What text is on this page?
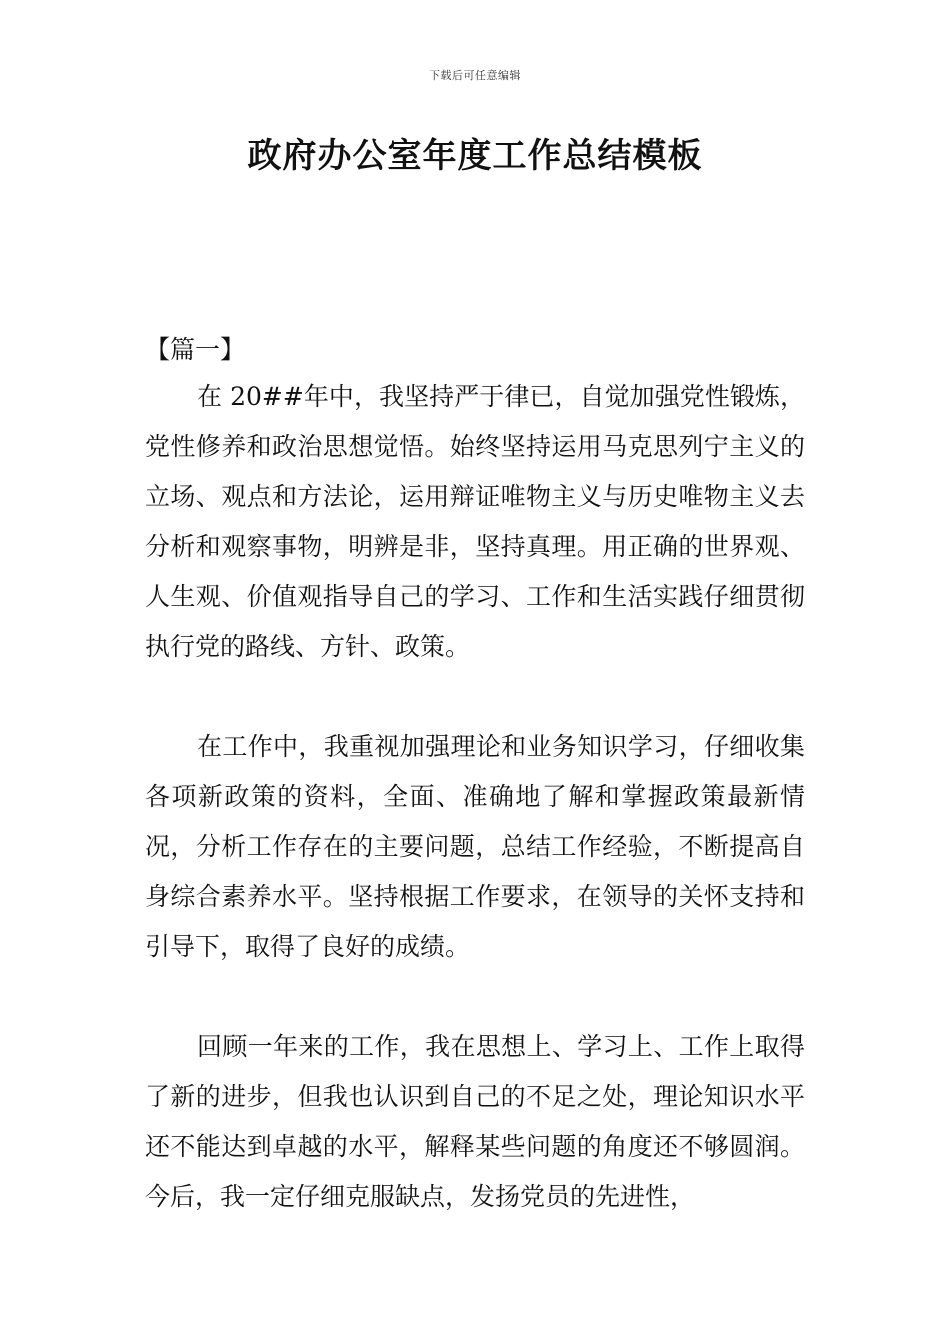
下载后可任意编辑
政府办公室年度工作总结模板

【篇一】

在 20##年中，我坚持严于律已，自觉加强党性锻炼，党性修养和政治思想觉悟。始终坚持运用马克思列宁主义的立场、观点和方法论，运用辩证唯物主义与历史唯物主义去分析和观察事物，明辨是非，坚持真理。用正确的世界观、人生观、价值观指导自己的学习、工作和生活实践仔细贯彻执行党的路线、方针、政策。

在工作中，我重视加强理论和业务知识学习，仔细收集各项新政策的资料，全面、准确地了解和掌握政策最新情况，分析工作存在的主要问题，总结工作经验，不断提高自身综合素养水平。坚持根据工作要求，在领导的关怀支持和引导下，取得了良好的成绩。

回顾一年来的工作，我在思想上、学习上、工作上取得了新的进步，但我也认识到自己的不足之处，理论知识水平还不能达到卓越的水平，解释某些问题的角度还不够圆润。今后，我一定仔细克服缺点，发扬党员的先进性，
